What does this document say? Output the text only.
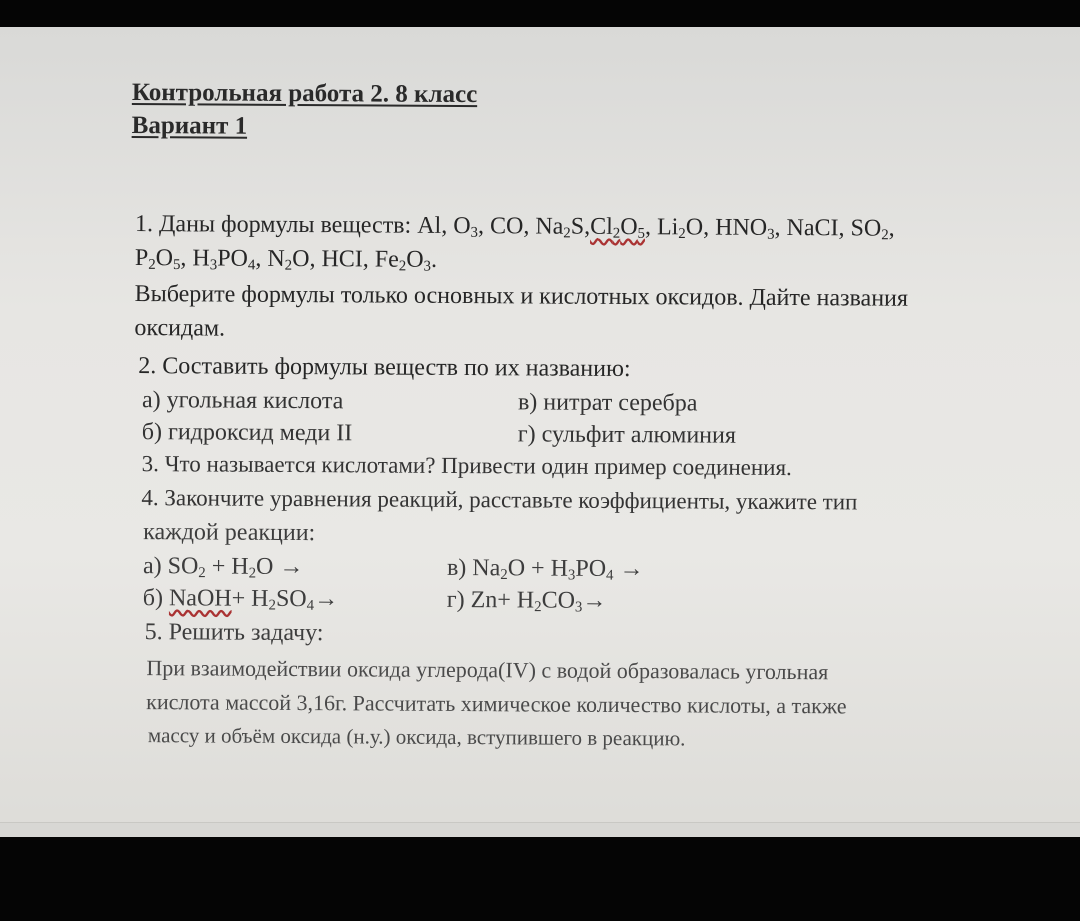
Контрольная работа 2. 8 класс
Вариант 1
1. Даны формулы веществ: Al, $O_3$, CO, $Na_2S,Cl_2O_5$, $Li_2O$, $HNO_3$, NaCI, $SO_2$,
$P_2O_5$, $H_3PO_4$, $N_2O$, HCI, $Fe_2O_3$.
Выберите формулы только основных и кислотных оксидов. Дайте названия
оксидам.
2. Составить формулы веществ по их названию:
а) угольная кислота	в) нитрат серебра
б) гидроксид меди II	г) сульфит алюминия
3. Что называется кислотами? Привести один пример соединения.
4. Закончите уравнения реакций, расставьте коэффициенты, укажите тип
каждой реакции:
а) $SO_2 + H_2O$ →	в) $Na_2O + H_3PO_4$ →
б) NaOH+ $H_2SO_4\to$	г) $Zn+ H_2CO_3\to$
5. Решить задачу:
При взаимодействии оксида углерода(IV) с водой образовалась угольная
кислота массой 3,16г. Рассчитать химическое количество кислоты, а также
массу и объём оксида (н.у.) оксида, вступившего в реакцию.
